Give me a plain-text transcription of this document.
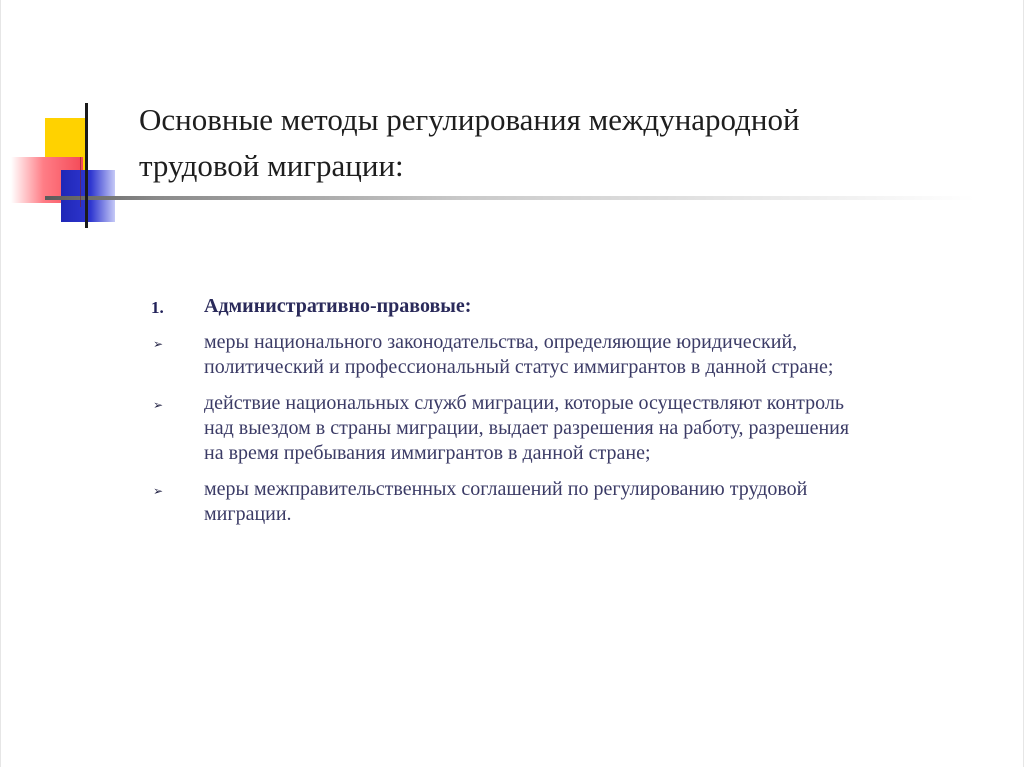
Основные методы регулирования международной
трудовой миграции:
1.	Административно-правовые:
➢	меры национального законодательства, определяющие юридический, политический и профессиональный статус иммигрантов в данной стране;
➢	действие национальных служб миграции, которые осуществляют контроль над выездом в страны миграции, выдает разрешения на работу, разрешения на время пребывания иммигрантов в данной стране;
➢	меры межправительственных соглашений по регулированию трудовой миграции.
